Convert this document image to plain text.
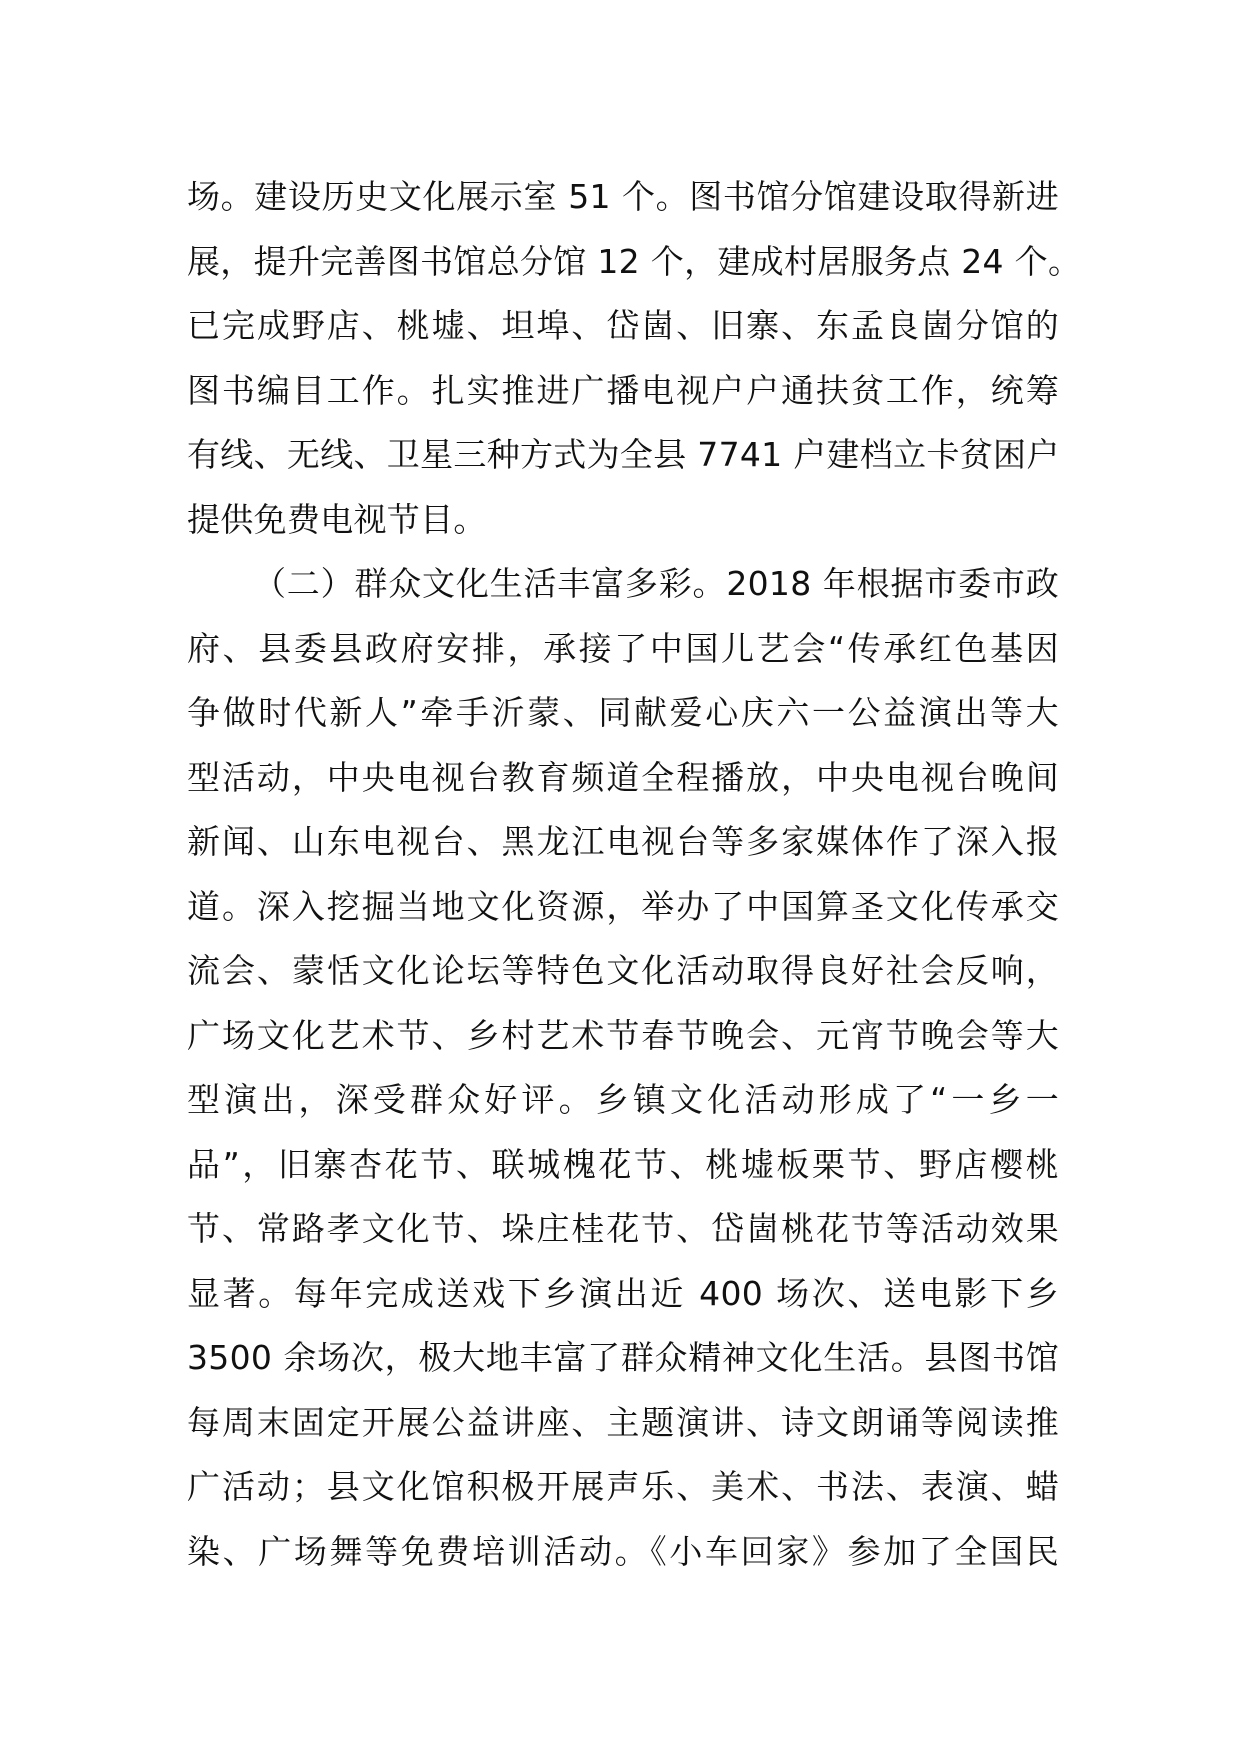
场。建设历史文化展示室 51 个。图书馆分馆建设取得新进
展，提升完善图书馆总分馆 12 个，建成村居服务点 24 个。
已完成野店、桃墟、坦埠、岱崮、旧寨、东孟良崮分馆的
图书编目工作。扎实推进广播电视户户通扶贫工作，统筹
有线、无线、卫星三种方式为全县 7741 户建档立卡贫困户
提供免费电视节目。
（二）群众文化生活丰富多彩。2018 年根据市委市政
府、县委县政府安排，承接了中国儿艺会“传承红色基因
争做时代新人”牵手沂蒙、同献爱心庆六一公益演出等大
型活动，中央电视台教育频道全程播放，中央电视台晚间
新闻、山东电视台、黑龙江电视台等多家媒体作了深入报
道。深入挖掘当地文化资源，举办了中国算圣文化传承交
流会、蒙恬文化论坛等特色文化活动取得良好社会反响，
广场文化艺术节、乡村艺术节春节晚会、元宵节晚会等大
型演出，深受群众好评。乡镇文化活动形成了“一乡一
品”，旧寨杏花节、联城槐花节、桃墟板栗节、野店樱桃
节、常路孝文化节、垛庄桂花节、岱崮桃花节等活动效果
显著。每年完成送戏下乡演出近 400 场次、送电影下乡
3500 余场次，极大地丰富了群众精神文化生活。县图书馆
每周末固定开展公益讲座、主题演讲、诗文朗诵等阅读推
广活动；县文化馆积极开展声乐、美术、书法、表演、蜡
染、广场舞等免费培训活动。《小车回家》参加了全国民
